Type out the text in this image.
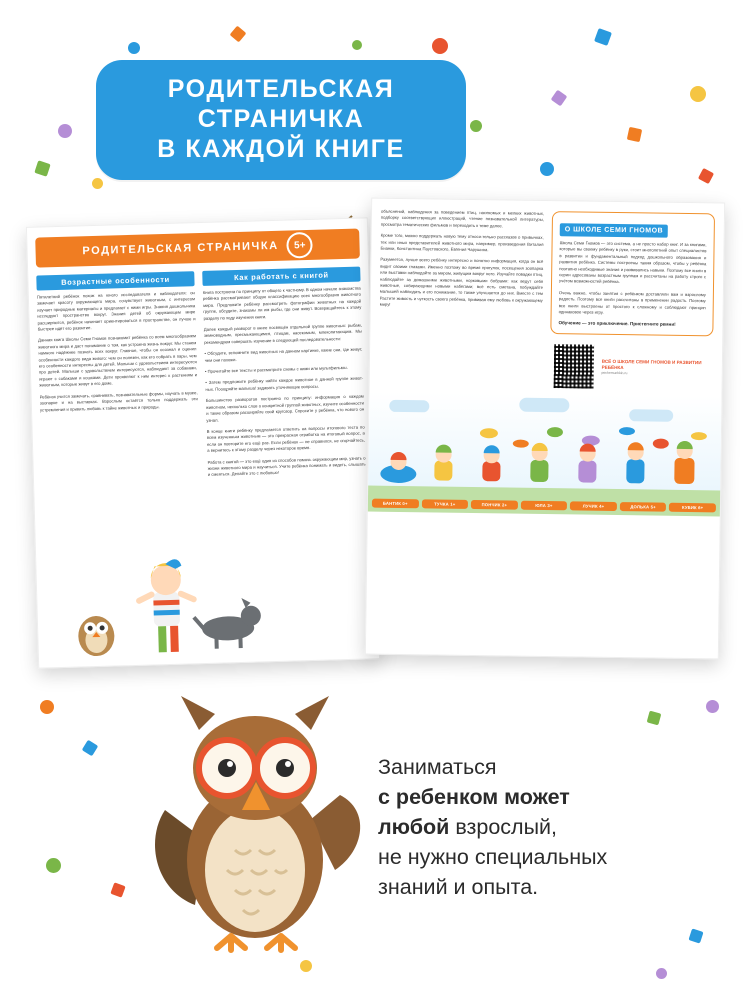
РОДИТЕЛЬСКАЯ
СТРАНИЧКА
В КАЖДОЙ КНИГЕ
РОДИТЕЛЬСКАЯ СТРАНИЧКА	5+
Возрастные особенности
Пятилетний ребёнок похож на юного исследователя и наблюдателя: он замечает красоту окружающего мира, сочувствует животным, с интересом изучает природные материалы и предлагает с ними игры. Знания дошкольника исследуют пространство вокруг. Знания детей об окружающем мире расширяются, ребёнок начинает ориентироваться в пространстве, он лучше и быстрее идёт его развитие.
Данная книга Школы Семи Гномов познакомит ребёнка со всем многообразием животного мира и даст понимание о том, как устроена жизнь вокруг. Мы станем намного надёжнее познать всех вокруг. Главное, чтобы он осознал и оценил особенности каждого вида живого: чем он полезен, как его собрать в пары, чем его особенности интересны для детей. Малыши с удовольствием интересуются про детей. Малыши с удовольствием интересуются, наблюдают за собаками, играют с собаками и кошками. Дети проявляют к ним интерес к растениям и животным, которые живут в его доме.
Ребёнок учится замечать, сравнивать, познавательные формы, изучать в музее, зоопарке и на выставках. Взрослым остаётся только поддержать эти устремления и привить любовь к тайне животных и природы.
Как работать с книгой
Книга построена по принципу от общего к частному. В одном начале знакомства ребёнка рассматривают общую классификацию всех многообразия животного мира. Предложите ребёнку рассмотреть фотографии животных на каждой группе, обсудите, знакомы ли им рыбы, где они живут. Возвращайтесь к этому разделу по ходу изучения книги.
Далее каждый разворот в книге посвящён отдельной группе животных: рыбам, земноводным, пресмыкающимся, птицам, насекомым, млекопитающим. Мы рекомендуем совершать изучение в следующей последовательности:
• Обсудите, вспомните вид животных на данном картинке, какие они, где живут, чем они похожи.
• Прочитайте все тексты и рассмотрите схемы с ними или мультфильмы.
• Затем предложите ребёнку найти каждое животное в данной группе живот-ных. Поощряйте малыша! задавать уточняющие вопросы.
Большинство разворотов построено по принципу: информация о каждом животном, несколько слов о конкретной группой животных, изучите особенности и такие образом расширяйте свой кругозор. Спросите у ребёнка, что нового он узнал.
В конце книги ребёнку предлагается ответить на вопросы итогового теста по всем изученным животным — это прекрасная отработка на итоговый вопрос, а если он повторите его ещё раз. Если ребёнок — не справился, не огорчайтесь, а вернитесь к этому разделу через некоторое время.
Работа с книгой — это ещё один из способов помочь окружающим мир, узнать о жизни животного мира и научиться. Учите ребёнка понимать и видеть, слышать и смеяться. Делайте это с любовью!
объяснений, наблюдения за поведением птиц, насекомых и мелких животных, подборку соответствующих иллюстраций, чтение познавательной литературы, просмотра тематических фильмов и переходить к теме далее.
Кроме того, можно поддержать новую тему относи-тельно рассказов о привычках, тех или иных представителей животного мира, например, произведения Виталия Бианки, Константина Паустовского, Евгения Чарушина.
Разумеется, лучше всего ребёнку интересно и понятно информация, когда он всё видит своими глазами. Именно поэтому во время прогулок, посещения зоопарка или выставки наблюдайте за миром, живущим вокруг него. Изучайте повадки птиц, наблюдайте за домашними животными, норковыми бобрами: как ведут себя животные, собирающими новыми набегами; всё есть сметана, побуждайте малышей наблюдать и его понимание, то также улучшается до них. Вместе с тем Растите живость и чуткость своего ребёнка, прививая ему любовь к окружающему миру!
О ШКОЛЕ СЕМИ ГНОМОВ
Школа Семи Гномов — это система, а не просто набор книг. И за книгами, которые вы своему ребёнку в руки, стоит многолетний опыт специалистов в развитии и фундаментальный подход дошкольного образования и развития ребёнка. Системы построены таким образом, чтобы у ребёнка поэтапно необходимые знания и развивались навыки. Поэтому все книги в серии адресованы возрастным группам и рассчитаны на работу строго с учётом возможностей ребёнка.
Очень важно, чтобы занятия с ребёнком доставляли вам и взрослому радость. Поэтому все книги рассчитаны в применении радость. Поэтому все книги выстроены от простого к сложному и соблюдают принцип одинаковое через игру.
Обучение — это приключение. Пристегните ремни!
ВСЁ О ШКОЛЕ СЕМИ ГНОМОВ И РАЗВИТИИ РЕБЁНКА
pochemuchkin.ru
БАНТИК 0+	ТУЧКА 1+	ПОНЧИК 2+	ЮЛА 3+	ЛУЧИК 4+	ДОЛЬКА 5+	КУБИК 6+
Заниматься
с ребенком может
любой взрослый,
не нужно специальных
знаний и опыта.
